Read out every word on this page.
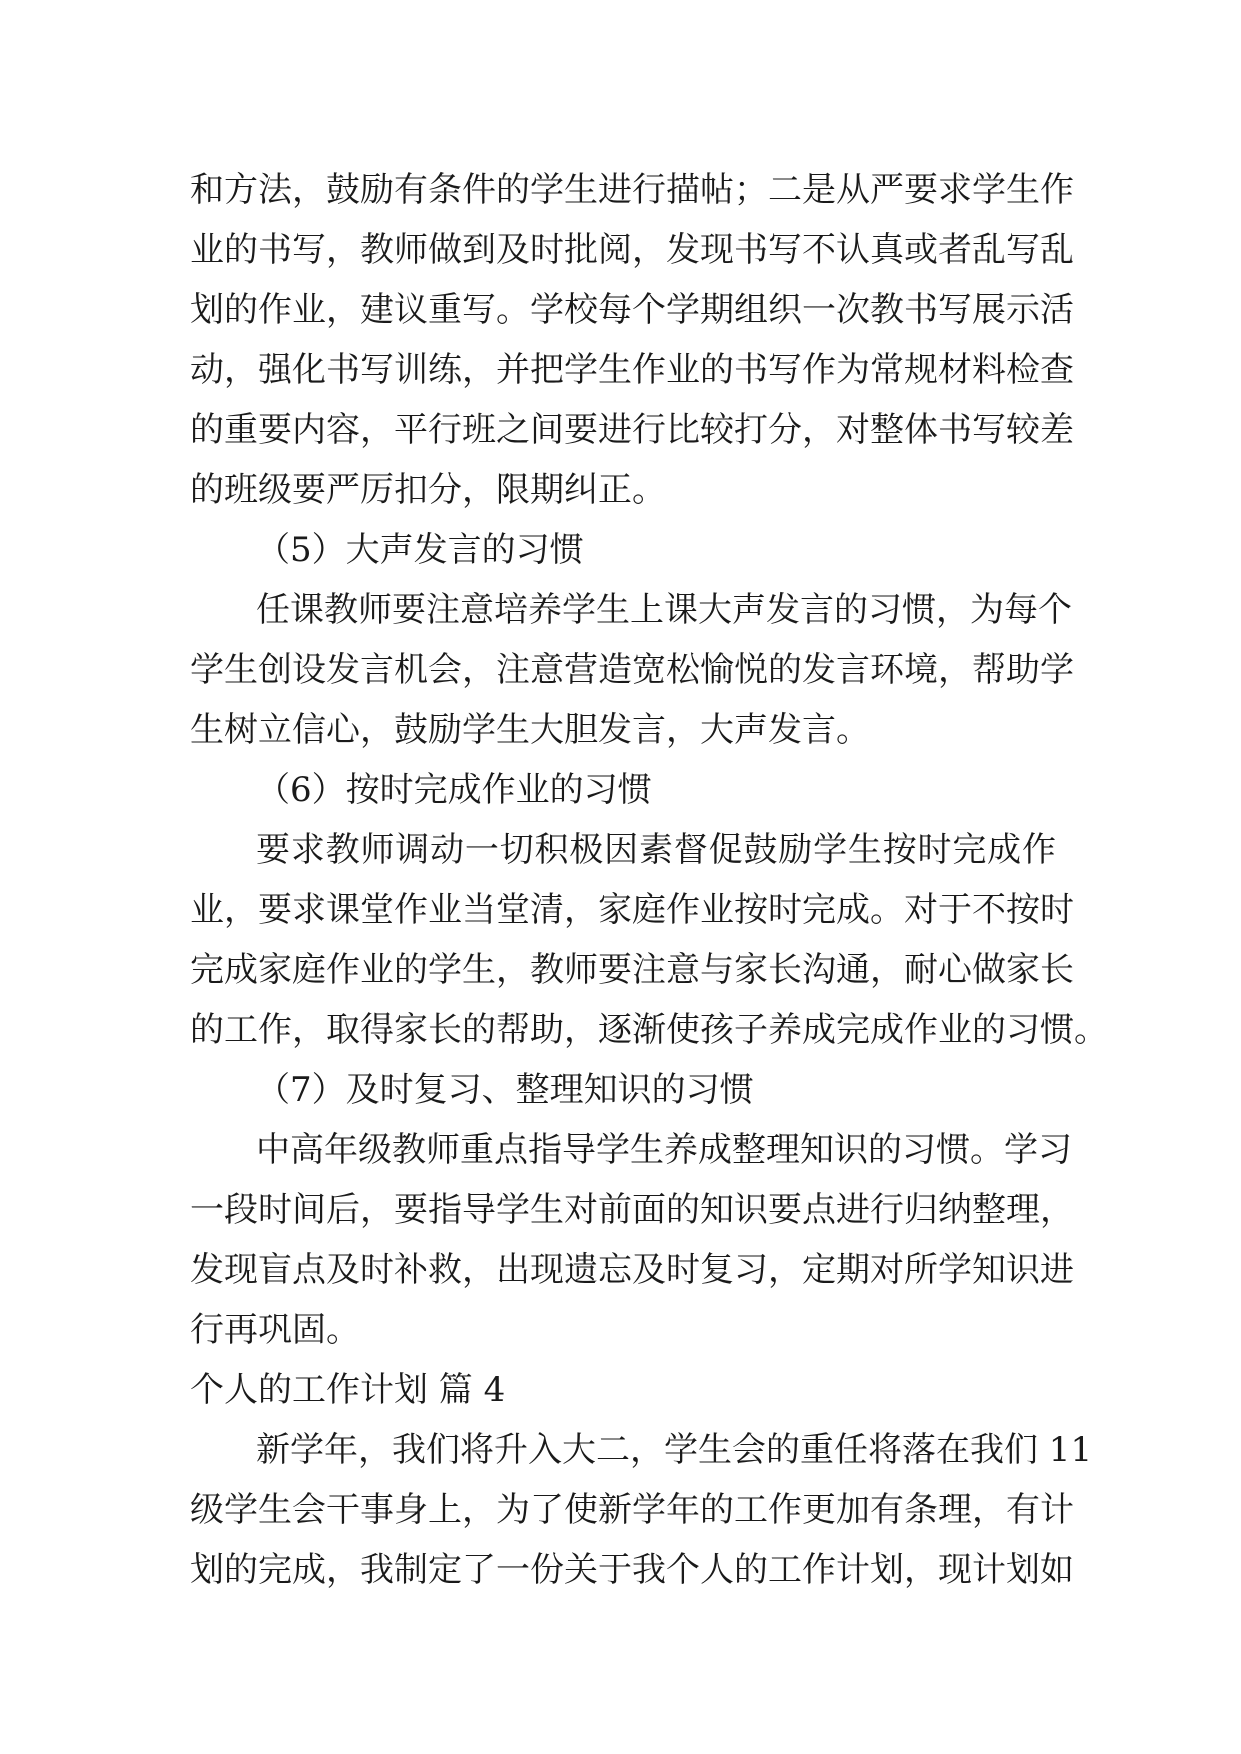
和方法，鼓励有条件的学生进行描帖；二是从严要求学生作
业的书写，教师做到及时批阅，发现书写不认真或者乱写乱
划的作业，建议重写。学校每个学期组织一次教书写展示活
动，强化书写训练，并把学生作业的书写作为常规材料检查
的重要内容，平行班之间要进行比较打分，对整体书写较差
的班级要严厉扣分，限期纠正。
（5）大声发言的习惯
任课教师要注意培养学生上课大声发言的习惯，为每个
学生创设发言机会，注意营造宽松愉悦的发言环境，帮助学
生树立信心，鼓励学生大胆发言，大声发言。
（6）按时完成作业的习惯
要求教师调动一切积极因素督促鼓励学生按时完成作
业，要求课堂作业当堂清，家庭作业按时完成。对于不按时
完成家庭作业的学生，教师要注意与家长沟通，耐心做家长
的工作，取得家长的帮助，逐渐使孩子养成完成作业的习惯。
（7）及时复习、整理知识的习惯
中高年级教师重点指导学生养成整理知识的习惯。学习
一段时间后，要指导学生对前面的知识要点进行归纳整理，
发现盲点及时补救，出现遗忘及时复习，定期对所学知识进
行再巩固。
个人的工作计划 篇 4
新学年，我们将升入大二，学生会的重任将落在我们 11
级学生会干事身上，为了使新学年的工作更加有条理，有计
划的完成，我制定了一份关于我个人的工作计划，现计划如
